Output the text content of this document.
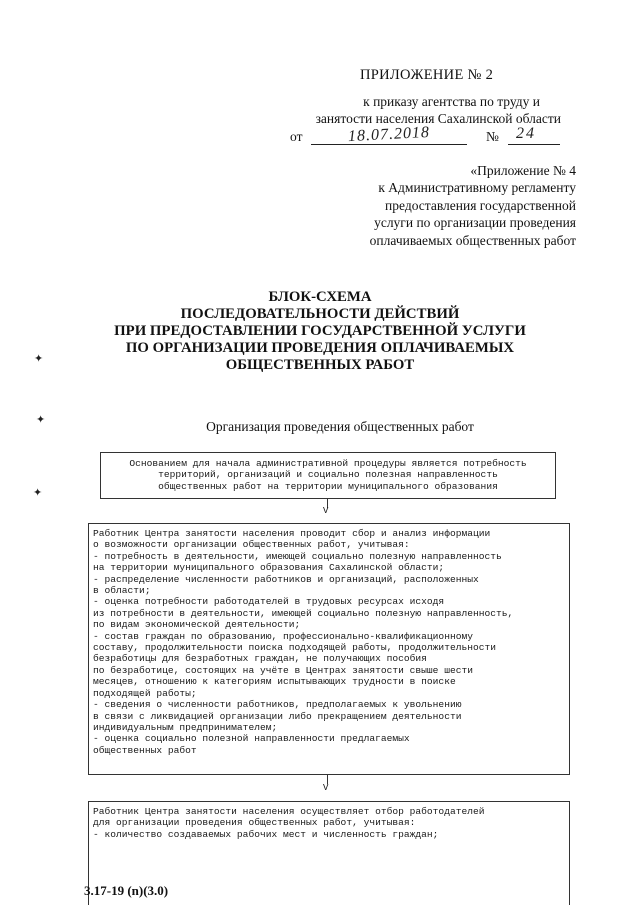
ПРИЛОЖЕНИЕ № 2
к приказу агентства по труду и
занятости населения Сахалинской области
от	18.07.2018	№ 24
«Приложение № 4
к Административному регламенту
предоставления государственной
услуги по организации проведения
оплачиваемых общественных работ
БЛОК-СХЕМА
ПОСЛЕДОВАТЕЛЬНОСТИ ДЕЙСТВИЙ
ПРИ ПРЕДОСТАВЛЕНИИ ГОСУДАРСТВЕННОЙ УСЛУГИ
ПО ОРГАНИЗАЦИИ ПРОВЕДЕНИЯ ОПЛАЧИВАЕМЫХ
ОБЩЕСТВЕННЫХ РАБОТ
Организация проведения общественных работ
Основанием для начала административной процедуры является потребность
территорий, организаций и социально полезная направленность
общественных работ на территории муниципального образования
V
Работник Центра занятости населения проводит сбор и анализ информации
о возможности организации общественных работ, учитывая:
- потребность в деятельности, имеющей социально полезную направленность
на территории муниципального образования Сахалинской области;
- распределение численности работников и организаций, расположенных
в области;
- оценка потребности работодателей в трудовых ресурсах исходя
из потребности в деятельности, имеющей социально полезную направленность,
по видам экономической деятельности;
- состав граждан по образованию, профессионально-квалификационному
составу, продолжительности поиска подходящей работы, продолжительности
безработицы для безработных граждан, не получающих пособия
по безработице, состоящих на учёте в Центрах занятости свыше шести
месяцев, отношению к категориям испытывающих трудности в поиске
подходящей работы;
- сведения о численности работников, предполагаемых к увольнению
в связи с ликвидацией организации либо прекращением деятельности
индивидуальным предпринимателем;
- оценка социально полезной направленности предлагаемых
общественных работ
V
Работник Центра занятости населения осуществляет отбор работодателей
для организации проведения общественных работ, учитывая:
- количество создаваемых рабочих мест и численность граждан;
3.17-19 (n)(3.0)
✦
✦
✦
